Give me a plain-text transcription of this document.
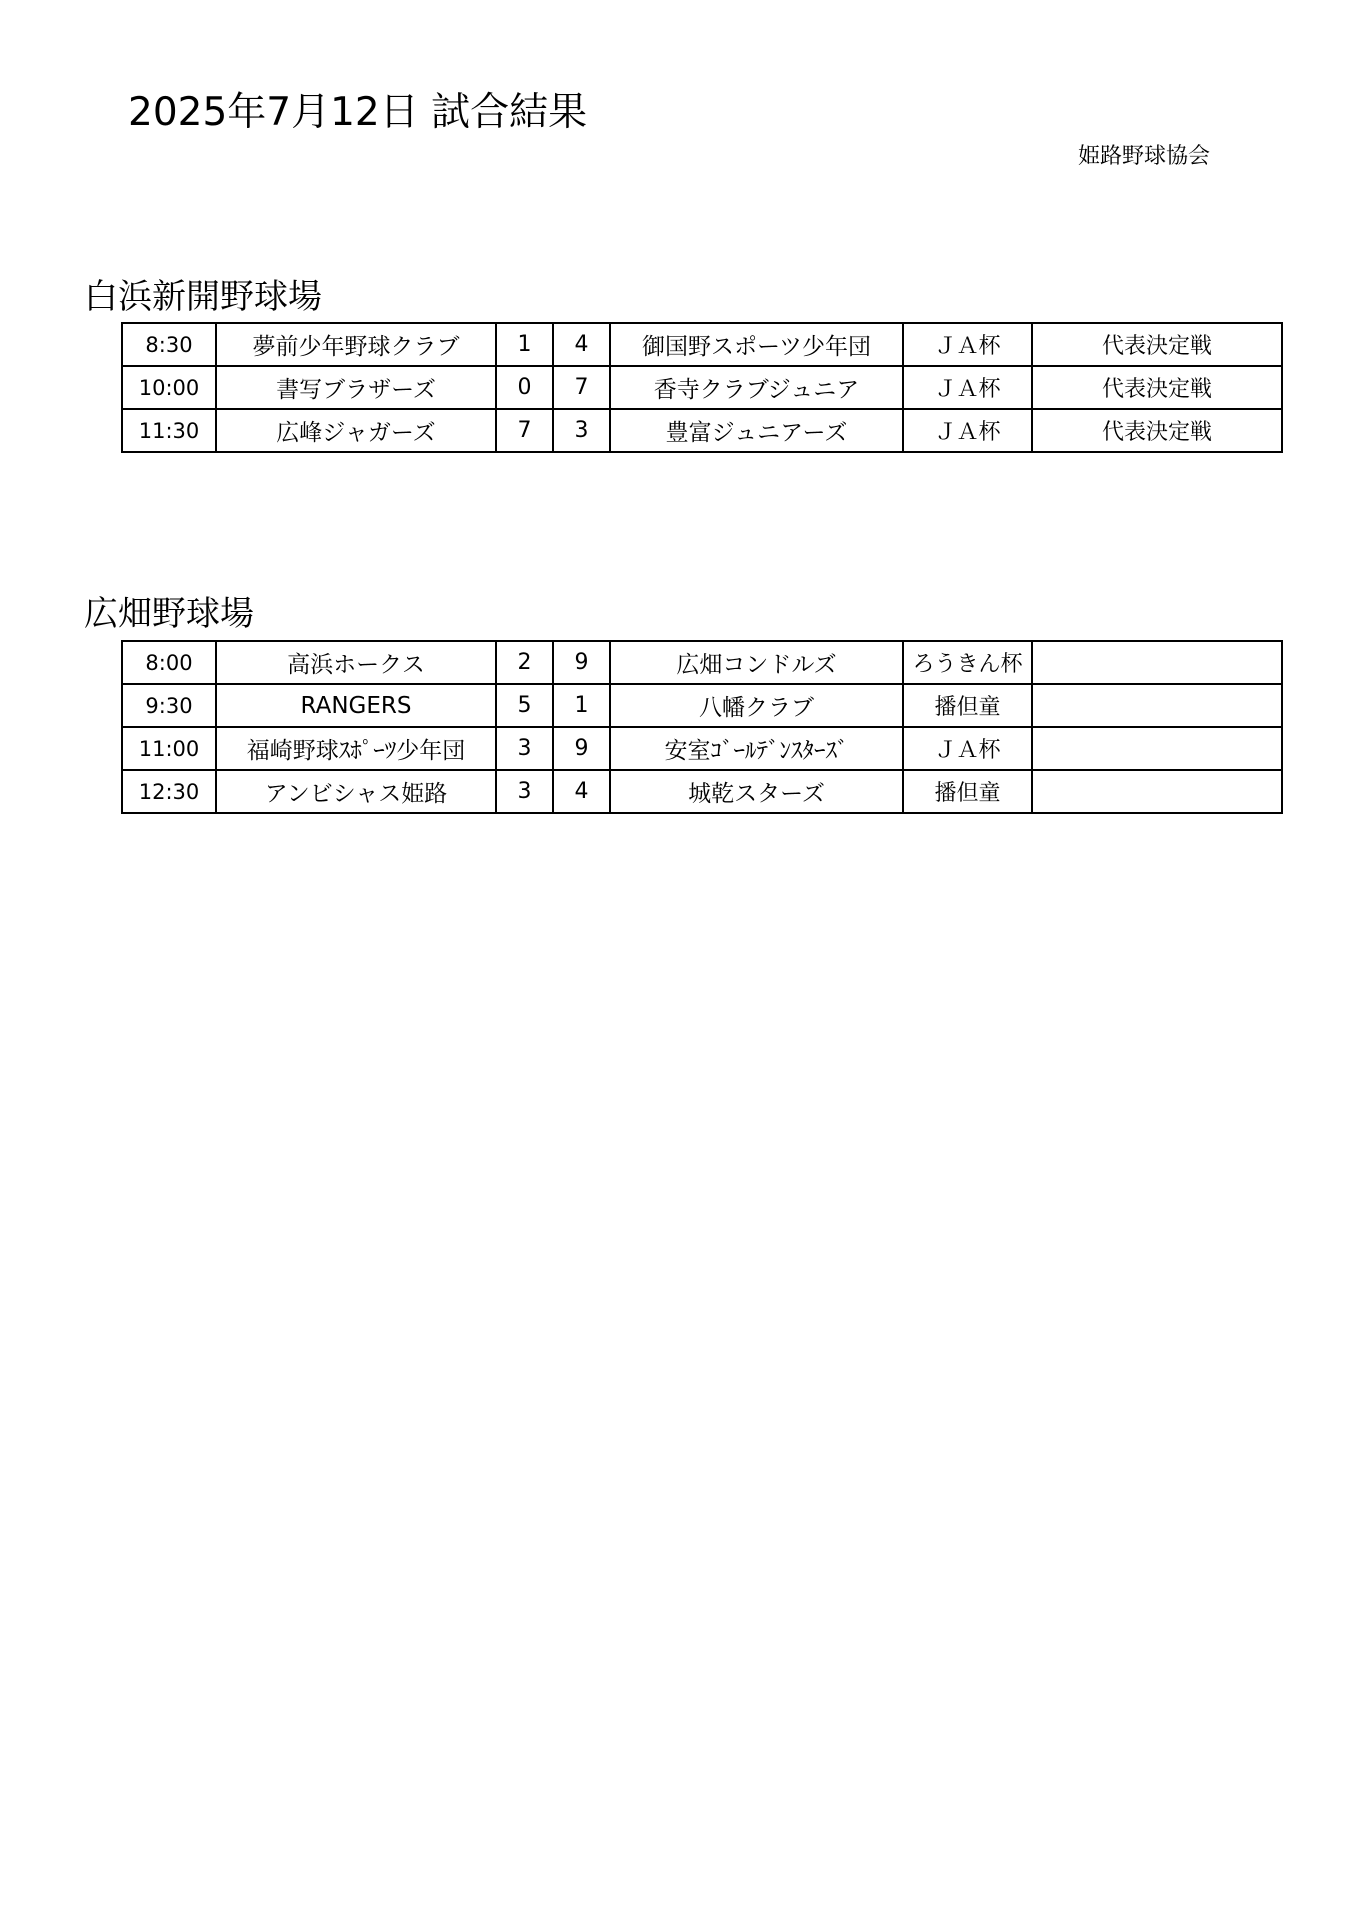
2025年7月12日 試合結果
姫路野球協会
白浜新開野球場
8:30	夢前少年野球クラブ	1	4	御国野スポーツ少年団	ＪＡ杯	代表決定戦
10:00	書写ブラザーズ	0	7	香寺クラブジュニア	ＪＡ杯	代表決定戦
11:30	広峰ジャガーズ	7	3	豊富ジュニアーズ	ＪＡ杯	代表決定戦
広畑野球場
8:00	高浜ホークス	2	9	広畑コンドルズ	ろうきん杯	
9:30	RANGERS	5	1	八幡クラブ	播但童	
11:00	福崎野球ｽﾎﾟｰﾂ少年団	3	9	安室ｺﾞｰﾙﾃﾞﾝｽﾀｰｽﾞ	ＪＡ杯	
12:30	アンビシャス姫路	3	4	城乾スターズ	播但童	
